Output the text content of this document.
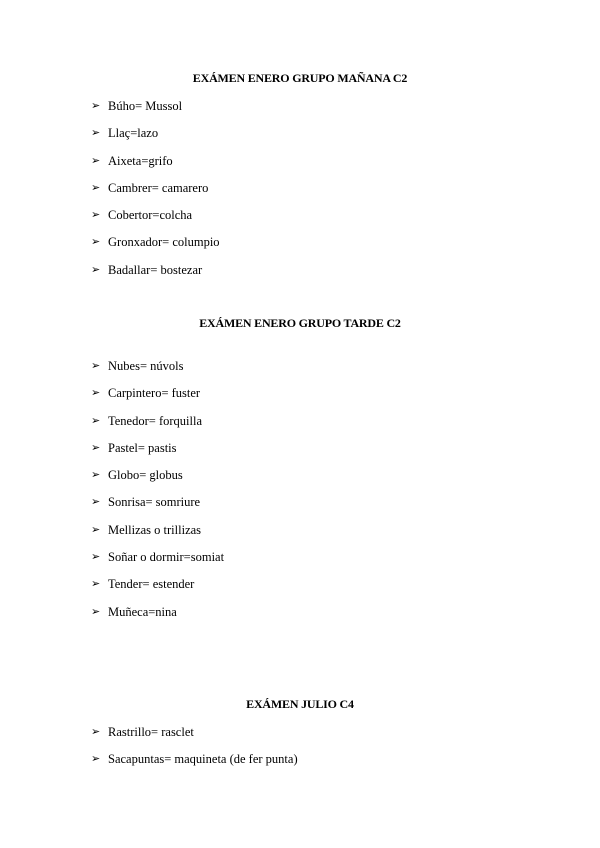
EXÁMEN ENERO GRUPO MAÑANA C2
➢ Búho= Mussol
➢ Llaç=lazo
➢ Aixeta=grifo
➢ Cambrer= camarero
➢ Cobertor=colcha
➢ Gronxador= columpio
➢ Badallar= bostezar
EXÁMEN ENERO GRUPO TARDE C2
➢ Nubes= núvols
➢ Carpintero= fuster
➢ Tenedor= forquilla
➢ Pastel= pastis
➢ Globo= globus
➢ Sonrisa= somriure
➢ Mellizas o trillizas
➢ Soñar o dormir=somiat
➢ Tender= estender
➢ Muñeca=nina
EXÁMEN JULIO C4
➢ Rastrillo= rasclet
➢ Sacapuntas= maquineta (de fer punta)
